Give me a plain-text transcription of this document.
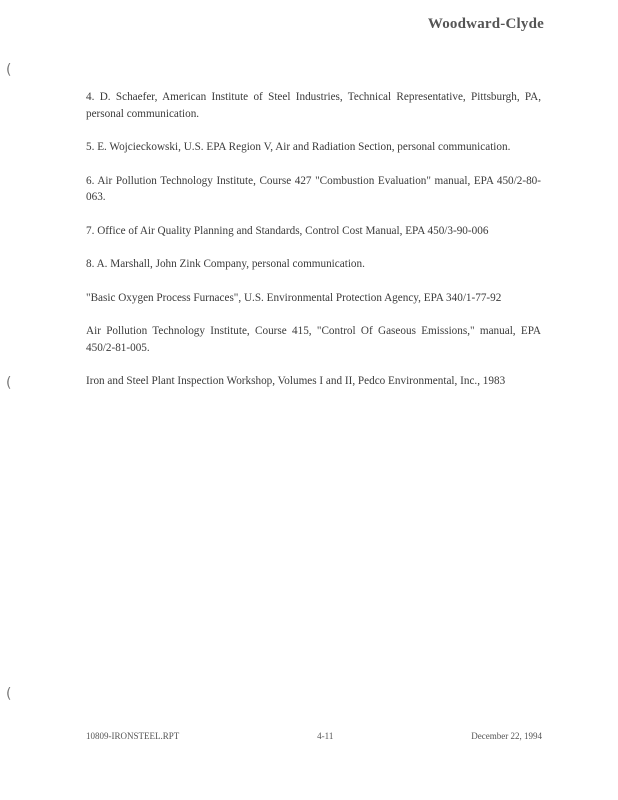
Woodward-Clyde
(
(
(

4. D. Schaefer, American Institute of Steel Industries, Technical Representative, Pittsburgh, PA, personal communication.

5. E. Wojcieckowski, U.S. EPA Region V, Air and Radiation Section, personal communication.

6. Air Pollution Technology Institute, Course 427 "Combustion Evaluation" manual, EPA 450/2-80-063.

7. Office of Air Quality Planning and Standards, Control Cost Manual, EPA 450/3-90-006

8. A. Marshall, John Zink Company, personal communication.

"Basic Oxygen Process Furnaces", U.S. Environmental Protection Agency, EPA 340/1-77-92

Air Pollution Technology Institute, Course 415, "Control Of Gaseous Emissions," manual, EPA 450/2-81-005.

Iron and Steel Plant Inspection Workshop, Volumes I and II, Pedco Environmental, Inc., 1983

10809-IRONSTEEL.RPT	4-11	December 22, 1994
